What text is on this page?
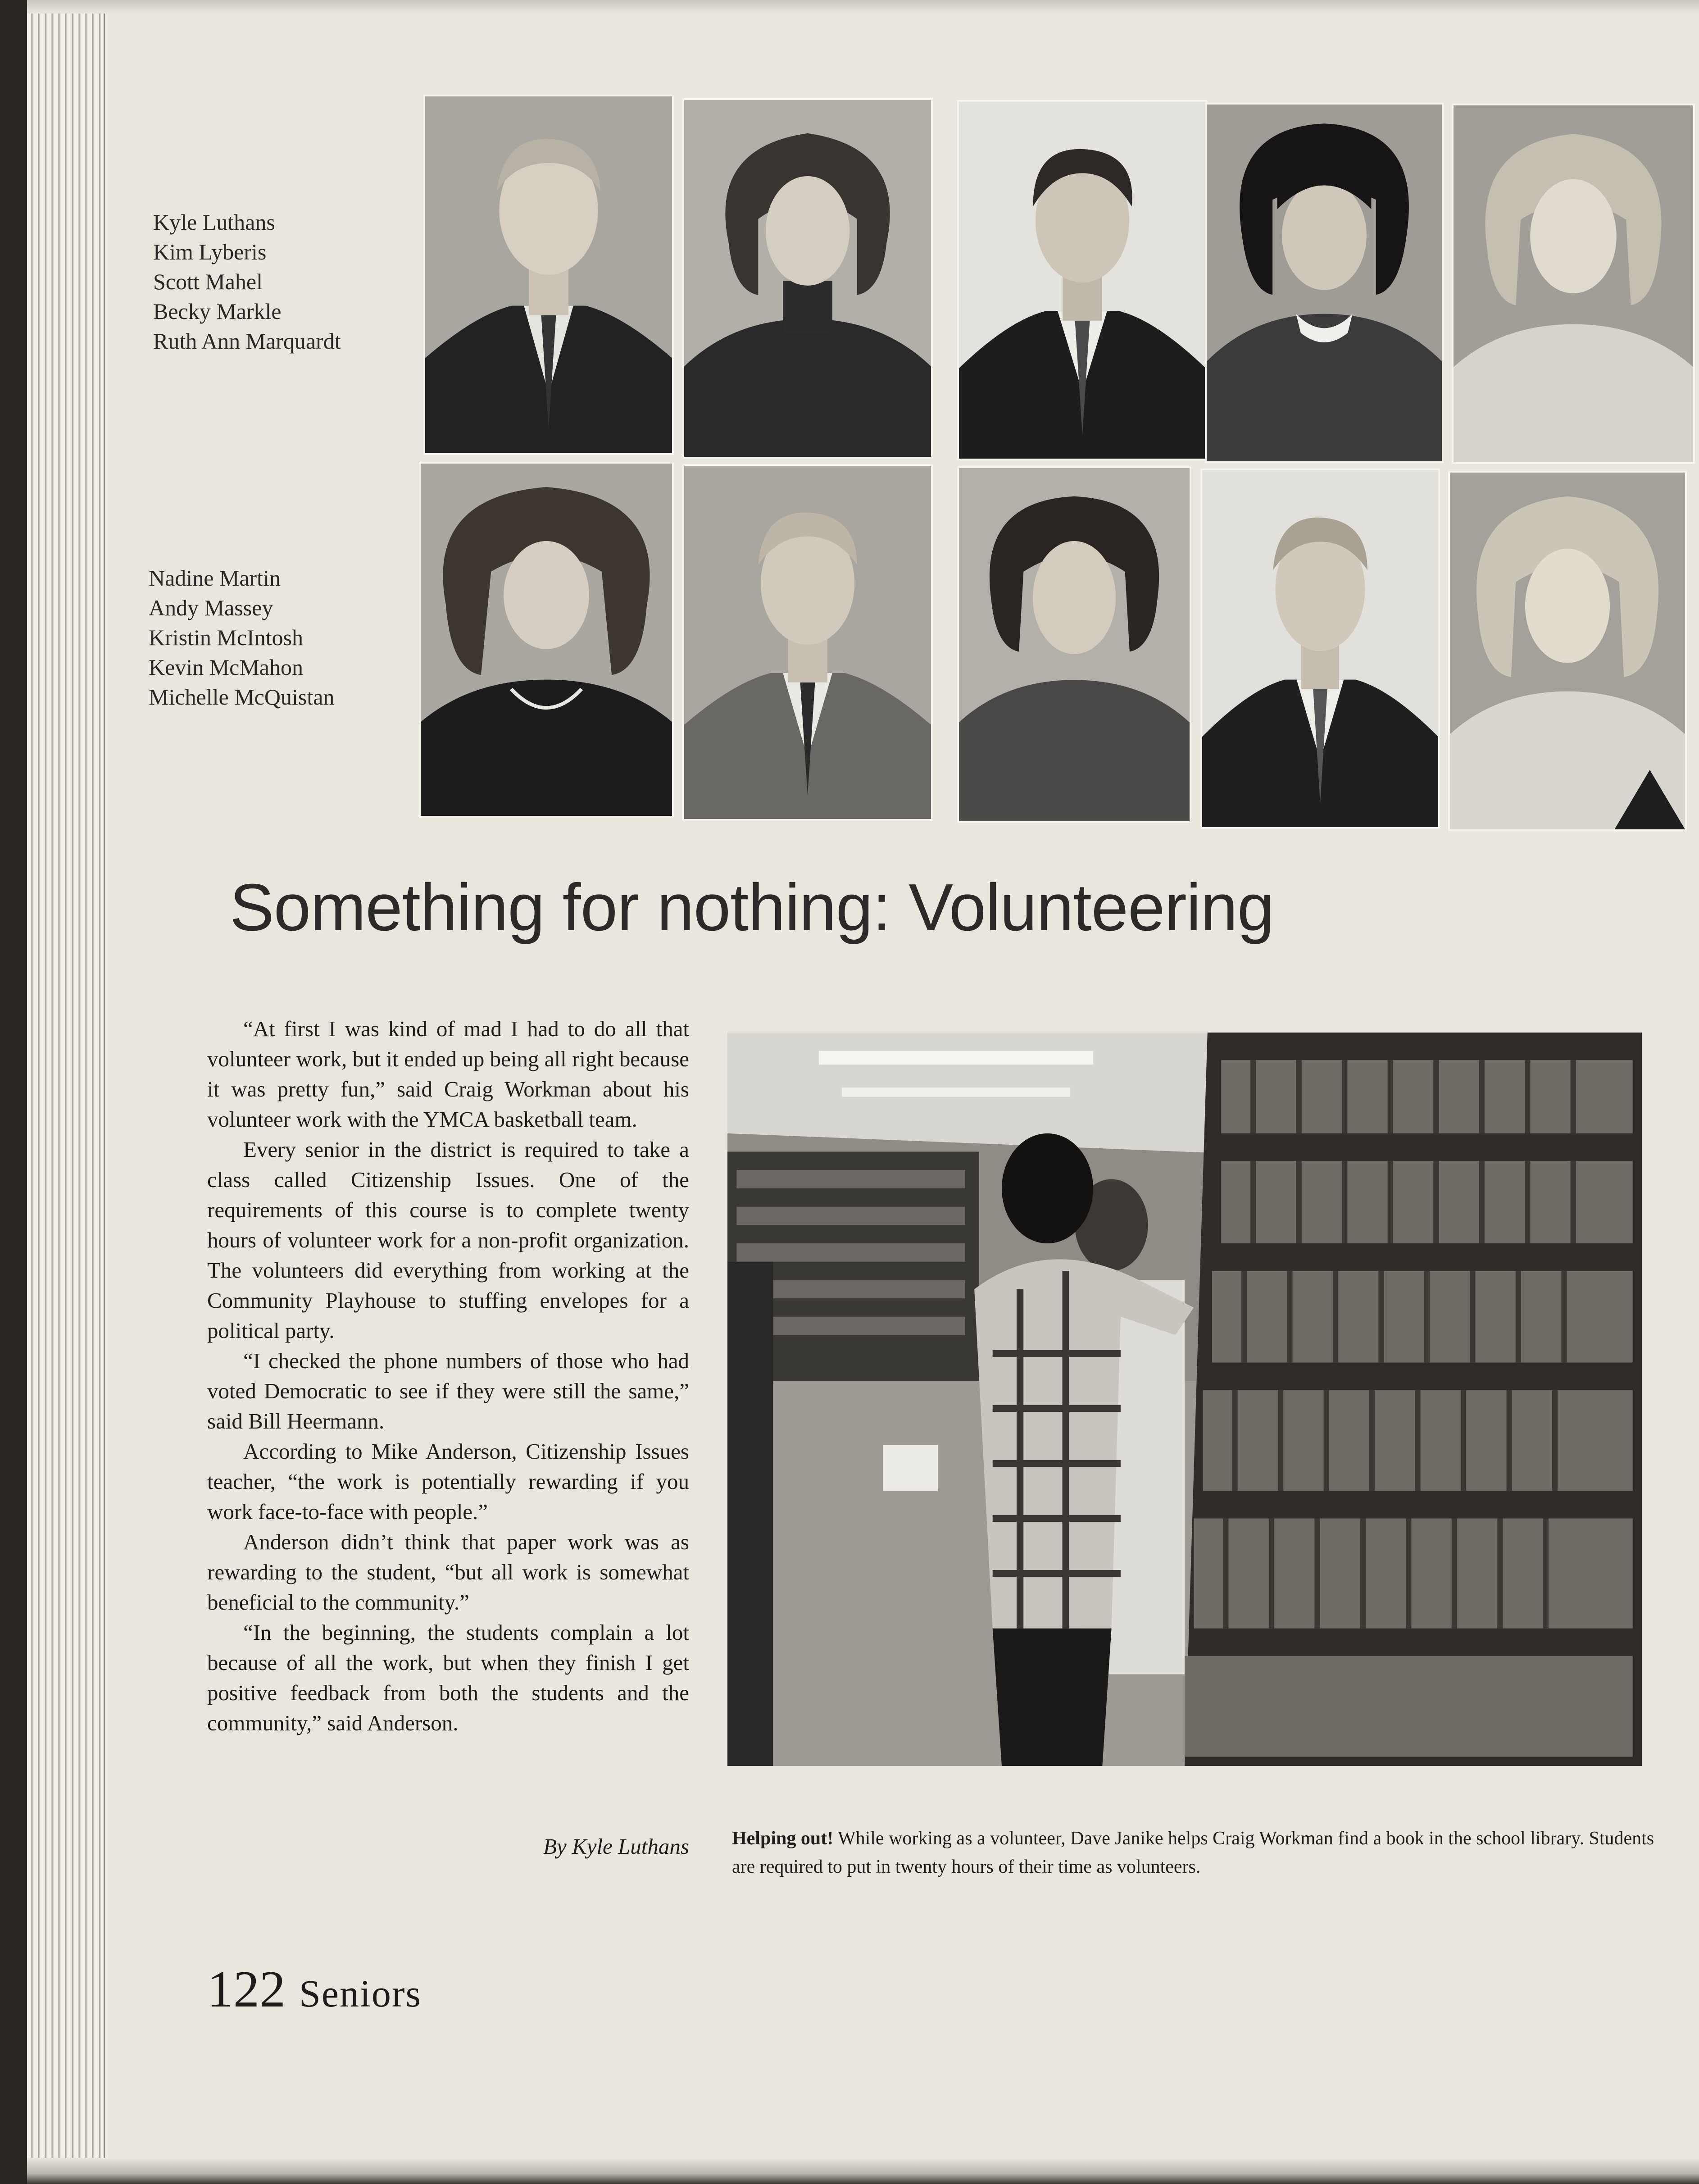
Kyle Luthans
Kim Lyberis
Scott Mahel
Becky Markle
Ruth Ann Marquardt
Nadine Martin
Andy Massey
Kristin McIntosh
Kevin McMahon
Michelle McQuistan
Something for nothing: Volunteering

“At first I was kind of mad I had to do all that volunteer work, but it ended up being all right because it was pretty fun,” said Craig Workman about his volunteer work with the YMCA basketball team.

Every senior in the district is required to take a class called Citizenship Issues. One of the requirements of this course is to complete twenty hours of volunteer work for a non-profit organization. The volunteers did everything from working at the Community Playhouse to stuffing envelopes for a political party.

“I checked the phone numbers of those who had voted Democratic to see if they were still the same,” said Bill Heermann.

According to Mike Anderson, Citizenship Issues teacher, “the work is potentially rewarding if you work face-to-face with people.”

Anderson didn’t think that paper work was as rewarding to the student, “but all work is somewhat beneficial to the community.”

“In the beginning, the students complain a lot because of all the work, but when they finish I get positive feedback from both the students and the community,” said Anderson.

By Kyle Luthans Helping out! While working as a volunteer, Dave Janike helps Craig Workman find a book in the school library. Students are required to put in twenty hours of their time as volunteers.
122 Seniors
